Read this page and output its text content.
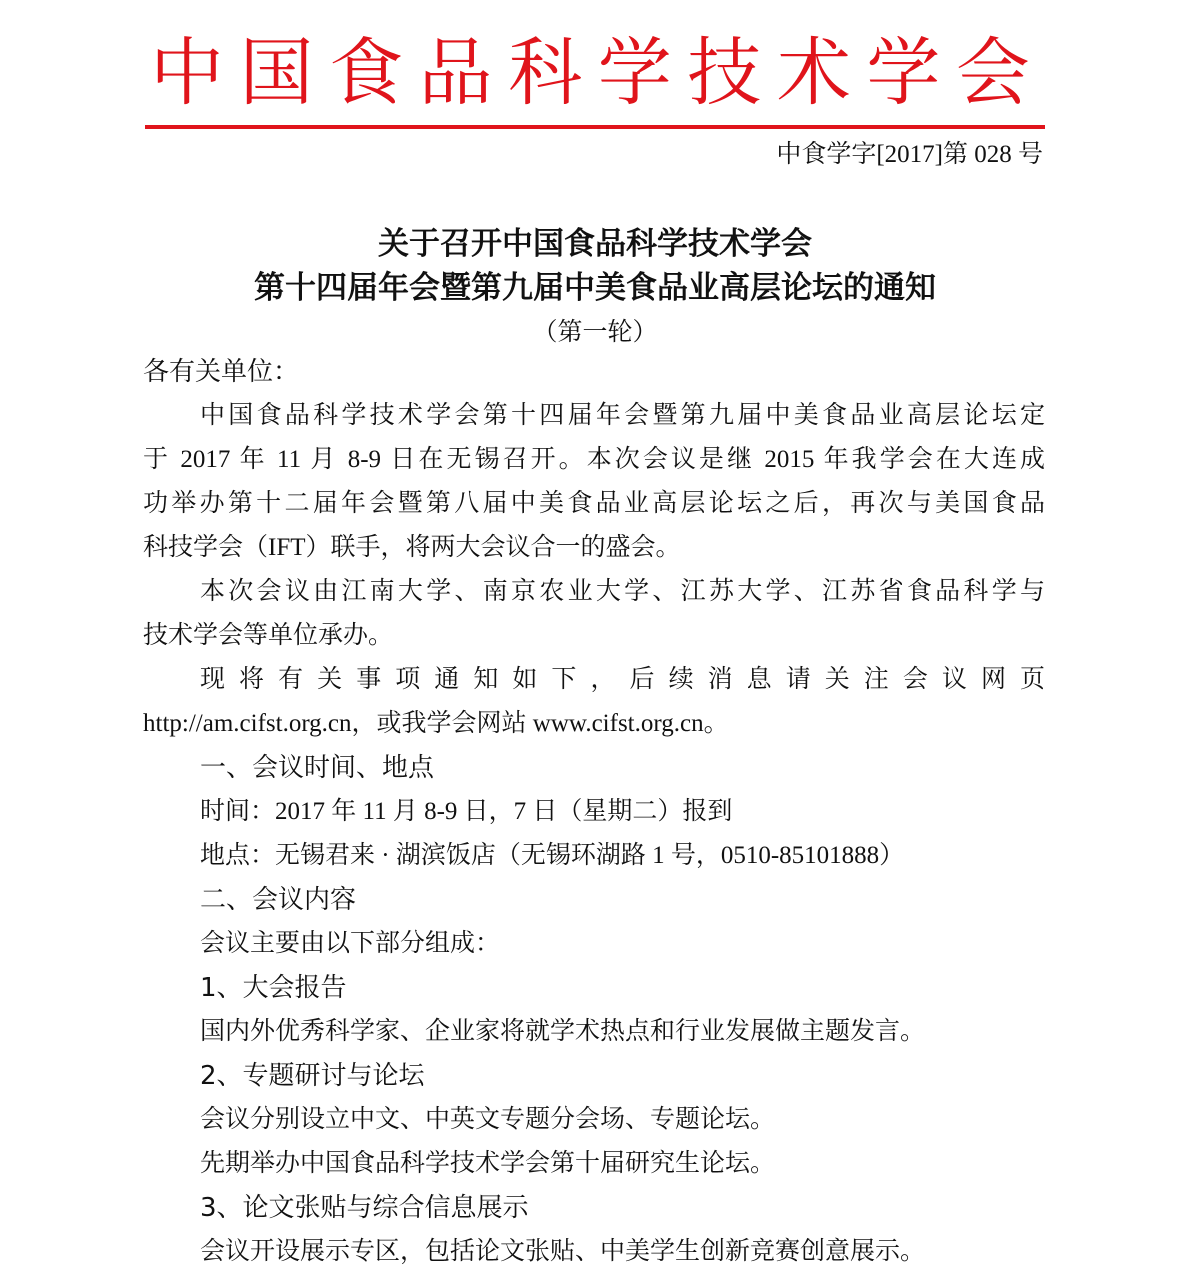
中 国 食 品 科 学 技 术 学 会
中食学字[2017]第 028 号
关于召开中国食品科学技术学会
第十四届年会暨第九届中美食品业高层论坛的通知
（第一轮）
各有关单位：
中国食品科学技术学会第十四届年会暨第九届中美食品业高层论坛定
于 2017 年 11 月 8-9 日在无锡召开。本次会议是继 2015 年我学会在大连成
功举办第十二届年会暨第八届中美食品业高层论坛之后，再次与美国食品
科技学会（IFT）联手，将两大会议合一的盛会。
本次会议由江南大学、南京农业大学、江苏大学、江苏省食品科学与
技术学会等单位承办。
现将有关事项通知如下，后续消息请关注会议网页
http://am.cifst.org.cn，或我学会网站 www.cifst.org.cn。
一、会议时间、地点
时间：2017 年 11 月 8-9 日，7 日（星期二）报到
地点：无锡君来 · 湖滨饭店（无锡环湖路 1 号，0510-85101888）
二、会议内容
会议主要由以下部分组成：
1、大会报告
国内外优秀科学家、企业家将就学术热点和行业发展做主题发言。
2、专题研讨与论坛
会议分别设立中文、中英文专题分会场、专题论坛。
先期举办中国食品科学技术学会第十届研究生论坛。
3、论文张贴与综合信息展示
会议开设展示专区，包括论文张贴、中美学生创新竞赛创意展示。
